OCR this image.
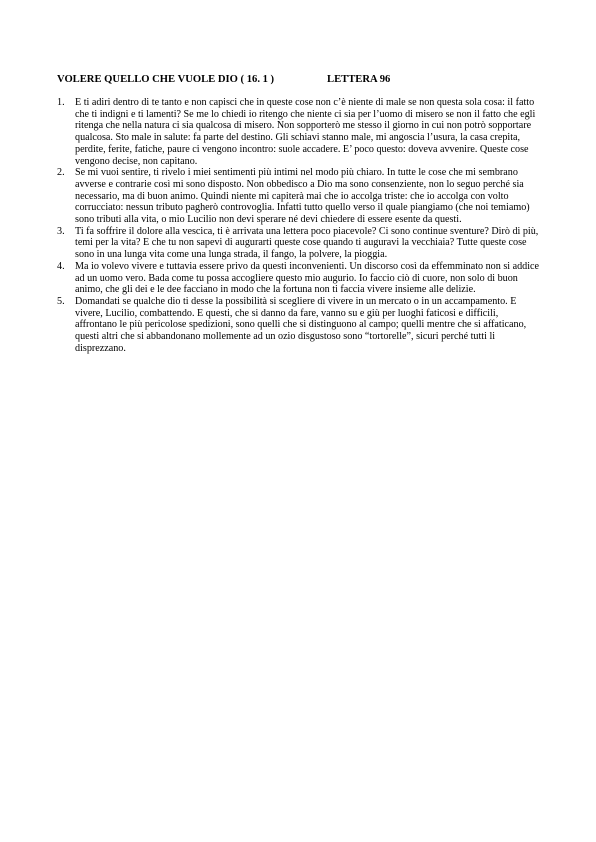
VOLERE QUELLO CHE VUOLE DIO ( 16. 1 )	LETTERA 96
1. E ti adiri dentro di te tanto e non capisci che in queste cose non c’è niente di male se non questa sola cosa: il fatto che ti indigni e ti lamenti? Se me lo chiedi io ritengo che niente ci sia per l’uomo di misero se non il fatto che egli ritenga che nella natura ci sia qualcosa di misero. Non sopporterò me stesso il giorno in cui non potrò sopportare qualcosa. Sto male in salute: fa parte del destino. Gli schiavi stanno male, mi angoscia l’usura, la casa crepita, perdite, ferite, fatiche, paure ci vengono incontro: suole accadere. E’ poco questo: doveva avvenire. Queste cose vengono decise, non capitano.
2. Se mi vuoi sentire, ti rivelo i miei sentimenti più intimi nel modo più chiaro. In tutte le cose che mi sembrano avverse e contrarie così mi sono disposto. Non obbedisco a Dio ma sono consenziente, non lo seguo perché sia necessario, ma di buon animo. Quindi niente mi capiterà mai che io accolga triste: che io accolga con volto corrucciato: nessun tributo pagherò controvoglia. Infatti tutto quello verso il quale piangiamo (che noi temiamo) sono tributi alla vita, o mio Lucilio non devi sperare né devi chiedere di essere esente da questi.
3. Ti fa soffrire il dolore alla vescica, ti è arrivata una lettera poco piacevole? Ci sono continue sventure? Dirò di più, temi per la vita? E che tu non sapevi di augurarti queste cose quando ti auguravi la vecchiaia? Tutte queste cose sono in una lunga vita come una lunga strada, il fango, la polvere, la pioggia.
4. Ma io volevo vivere e tuttavia essere privo da questi inconvenienti. Un discorso così da effemminato non si addice ad un uomo vero. Bada come tu possa accogliere questo mio augurio. Io faccio ciò di cuore, non solo di buon animo, che gli dei e le dee facciano in modo che la fortuna non ti faccia vivere insieme alle delizie.
5. Domandati se qualche dio ti desse la possibilità si scegliere di vivere in un mercato o in un accampamento. E vivere, Lucilio, combattendo. E questi, che si danno da fare, vanno su e giù per luoghi faticosi e difficili, affrontano le più pericolose spedizioni, sono quelli che si distinguono al campo; quelli mentre che si affaticano, questi altri che si abbandonano mollemente ad un ozio disgustoso sono “tortorelle”, sicuri perché tutti li disprezzano.
